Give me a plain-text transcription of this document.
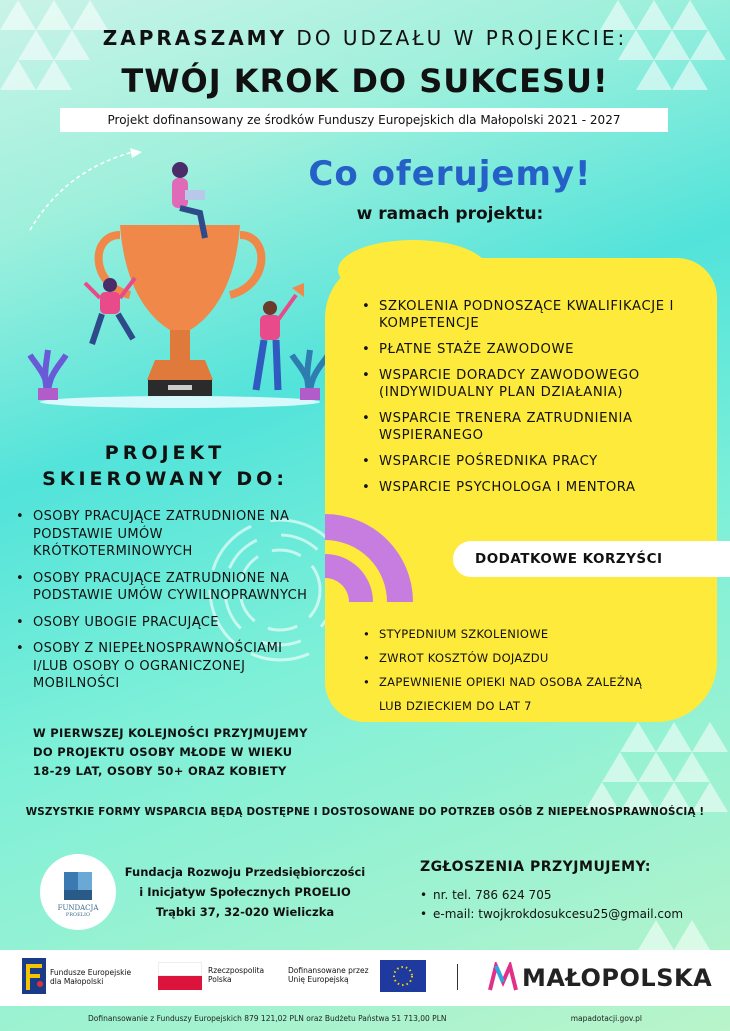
ZAPRASZAMY DO UDZAŁU W PROJEKCIE:
TWÓJ KROK DO SUKCESU!
Projekt dofinansowany ze środków Funduszy Europejskich dla Małopolski 2021 - 2027
Co oferujemy!
w ramach projektu:
• SZKOLENIA PODNOSZĄCE KWALIFIKACJE I KOMPETENCJE
• PŁATNE STAŻE ZAWODOWE
• WSPARCIE DORADCY ZAWODOWEGO (INDYWIDUALNY PLAN DZIAŁANIA)
• WSPARCIE TRENERA ZATRUDNIENIA WSPIERANEGO
• WSPARCIE POŚREDNIKA PRACY
• WSPARCIE PSYCHOLOGA I MENTORA
DODATKOWE KORZYŚCI
• STYPEDNIUM SZKOLENIOWE
• ZWROT KOSZTÓW DOJAZDU
• ZAPEWNIENIE OPIEKI NAD OSOBA ZALEŻNĄ
LUB DZIECKIEM DO LAT 7
PROJEKT
SKIEROWANY DO:
• OSOBY PRACUJĄCE ZATRUDNIONE NA PODSTAWIE UMÓW KRÓTKOTERMINOWYCH
• OSOBY PRACUJĄCE ZATRUDNIONE NA PODSTAWIE UMÓW CYWILNOPRAWNYCH
• OSOBY UBOGIE PRACUJĄCE
• OSOBY Z NIEPEŁNOSPRAWNOŚCIAMI I/LUB OSOBY O OGRANICZONEJ MOBILNOŚCI
W PIERWSZEJ KOLEJNOŚCI PRZYJMUJEMY DO PROJEKTU OSOBY MŁODE W WIEKU 18-29 LAT, OSOBY 50+ ORAZ KOBIETY
WSZYSTKIE FORMY WSPARCIA BĘDĄ DOSTĘPNE I DOSTOSOWANE DO POTRZEB OSÓB Z NIEPEŁNOSPRAWNOŚCIĄ !
FUNDACJA
PROELIO
Fundacja Rozwoju Przedsiębiorczości
i Inicjatyw Społecznych PROELIO
Trąbki 37, 32-020 Wieliczka
ZGŁOSZENIA PRZYJMUJEMY:
• nr. tel. 786 624 705
• e-mail: twojkrokdosukcesu25@gmail.com
Fundusze Europejskie
dla Małopolski
Rzeczpospolita
Polska
Dofinansowane przez
Unię Europejską	MAŁOPOLSKA
Dofinansowanie z Funduszy Europejskich 879 121,02 PLN oraz Budżetu Państwa 51 713,00 PLN	mapadotacji.gov.pl
